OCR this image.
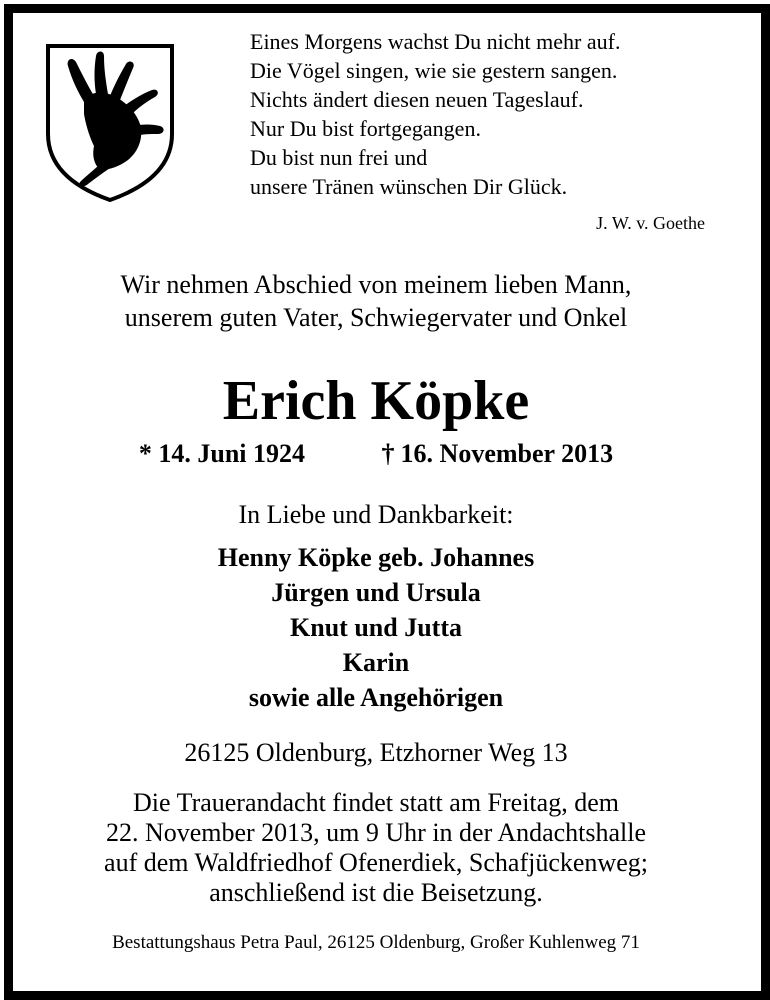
Eines Morgens wachst Du nicht mehr auf.
Die Vögel singen, wie sie gestern sangen.
Nichts ändert diesen neuen Tageslauf.
Nur Du bist fortgegangen.
Du bist nun frei und
unsere Tränen wünschen Dir Glück.
J. W. v. Goethe
Wir nehmen Abschied von meinem lieben Mann,
unserem guten Vater, Schwiegervater und Onkel
Erich Köpke
* 14. Juni 1924	† 16. November 2013
In Liebe und Dankbarkeit:
Henny Köpke geb. Johannes
Jürgen und Ursula
Knut und Jutta
Karin
sowie alle Angehörigen
26125 Oldenburg, Etzhorner Weg 13
Die Trauerandacht findet statt am Freitag, dem
22. November 2013, um 9 Uhr in der Andachtshalle
auf dem Waldfriedhof Ofenerdiek, Schafjückenweg;
anschließend ist die Beisetzung.
Bestattungshaus Petra Paul, 26125 Oldenburg, Großer Kuhlenweg 71
